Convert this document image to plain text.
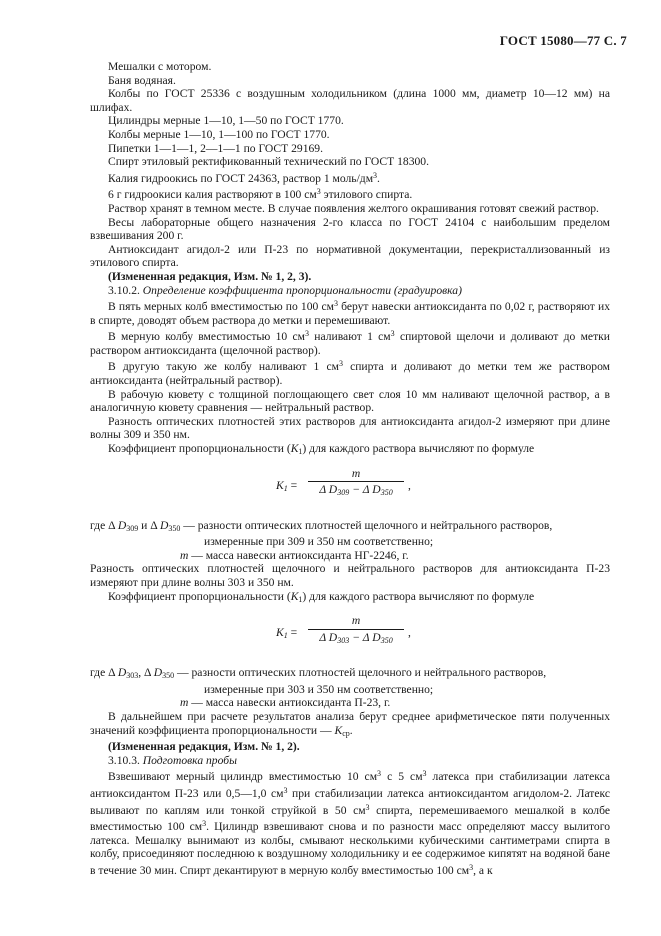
ГОСТ 15080—77 С. 7

Мешалки с мотором.

Баня водяная.

Колбы по ГОСТ 25336 с воздушным холодильником (длина 1000 мм, диаметр 10—12 мм) на шлифах.

Цилиндры мерные 1—10, 1—50 по ГОСТ 1770.

Колбы мерные 1—10, 1—100 по ГОСТ 1770.

Пипетки 1—1—1, 2—1—1 по ГОСТ 29169.

Спирт этиловый ректификованный технический по ГОСТ 18300.

Калия гидроокись по ГОСТ 24363, раствор 1 моль/$дм^3$.

6 г гидроокиси калия растворяют в 100 $см^3$ этилового спирта.

Раствор хранят в темном месте. В случае появления желтого окрашивания готовят свежий раствор.

Весы лабораторные общего назначения 2-го класса по ГОСТ 24104 с наибольшим пределом взвешивания 200 г.

Антиоксидант агидол-2 или П-23 по нормативной документации, перекристаллизованный из этилового спирта.

(Измененная редакция, Изм. № 1, 2, 3).

3.10.2. Определение коэффициента пропорциональности (градуировка)

В пять мерных колб вместимостью по 100 $см^3$ берут навески антиоксиданта по 0,02 г, растворяют их в спирте, доводят объем раствора до метки и перемешивают.

В мерную колбу вместимостью 10 $см^3$ наливают 1 $см^3$ спиртовой щелочи и доливают до метки раствором антиоксиданта (щелочной раствор).

В другую такую же колбу наливают 1 $см^3$ спирта и доливают до метки тем же раствором антиоксиданта (нейтральный раствор).

В рабочую кювету с толщиной поглощающего свет слоя 10 мм наливают щелочной раствор, а в аналогичную кювету сравнения — нейтральный раствор.

Разность оптических плотностей этих растворов для антиоксиданта агидол-2 измеряют при длине волны 309 и 350 нм.

Коэффициент пропорциональности $(K_1)$ для каждого раствора вычисляют по формуле

$K_1 = \frac{m}{\Delta D_{309} - \Delta D_{350}}$ ,

где Δ $D_{309}$ и Δ $D_{350}$ — разности оптических плотностей щелочного и нейтрального растворов,

измеренные при 309 и 350 нм соответственно;

m — масса навески антиоксиданта НГ-2246, г.

Разность оптических плотностей щелочного и нейтрального растворов для антиоксиданта П-23 измеряют при длине волны 303 и 350 нм.

Коэффициент пропорциональности $(K_1)$ для каждого раствора вычисляют по формуле

$K_1 = \frac{m}{\Delta D_{303} - \Delta D_{350}}$ ,

где Δ $D_{303}$, Δ $D_{350}$ — разности оптических плотностей щелочного и нейтрального растворов,

измеренные при 303 и 350 нм соответственно;

m — масса навески антиоксиданта П-23, г.

В дальнейшем при расчете результатов анализа берут среднее арифметическое пяти полученных значений коэффициента пропорциональности — $K_{ср}$.

(Измененная редакция, Изм. № 1, 2).

3.10.3. Подготовка пробы

Взвешивают мерный цилиндр вместимостью 10 $см^3$ с 5 $см^3$ латекса при стабилизации латекса антиоксидантом П-23 или 0,5—1,0 $см^3$ при стабилизации латекса антиоксидантом агидолом-2. Латекс выливают по каплям или тонкой струйкой в 50 $см^3$ спирта, перемешиваемого мешалкой в колбе вместимостью 100 $см^3$. Цилиндр взвешивают снова и по разности масс определяют массу вылитого латекса. Мешалку вынимают из колбы, смывают несколькими кубическими сантиметрами спирта в колбу, присоединяют последнюю к воздушному холодильнику и ее содержимое кипятят на водяной бане в течение 30 мин. Спирт декантируют в мерную колбу вместимостью 100 $см^3$, а к
